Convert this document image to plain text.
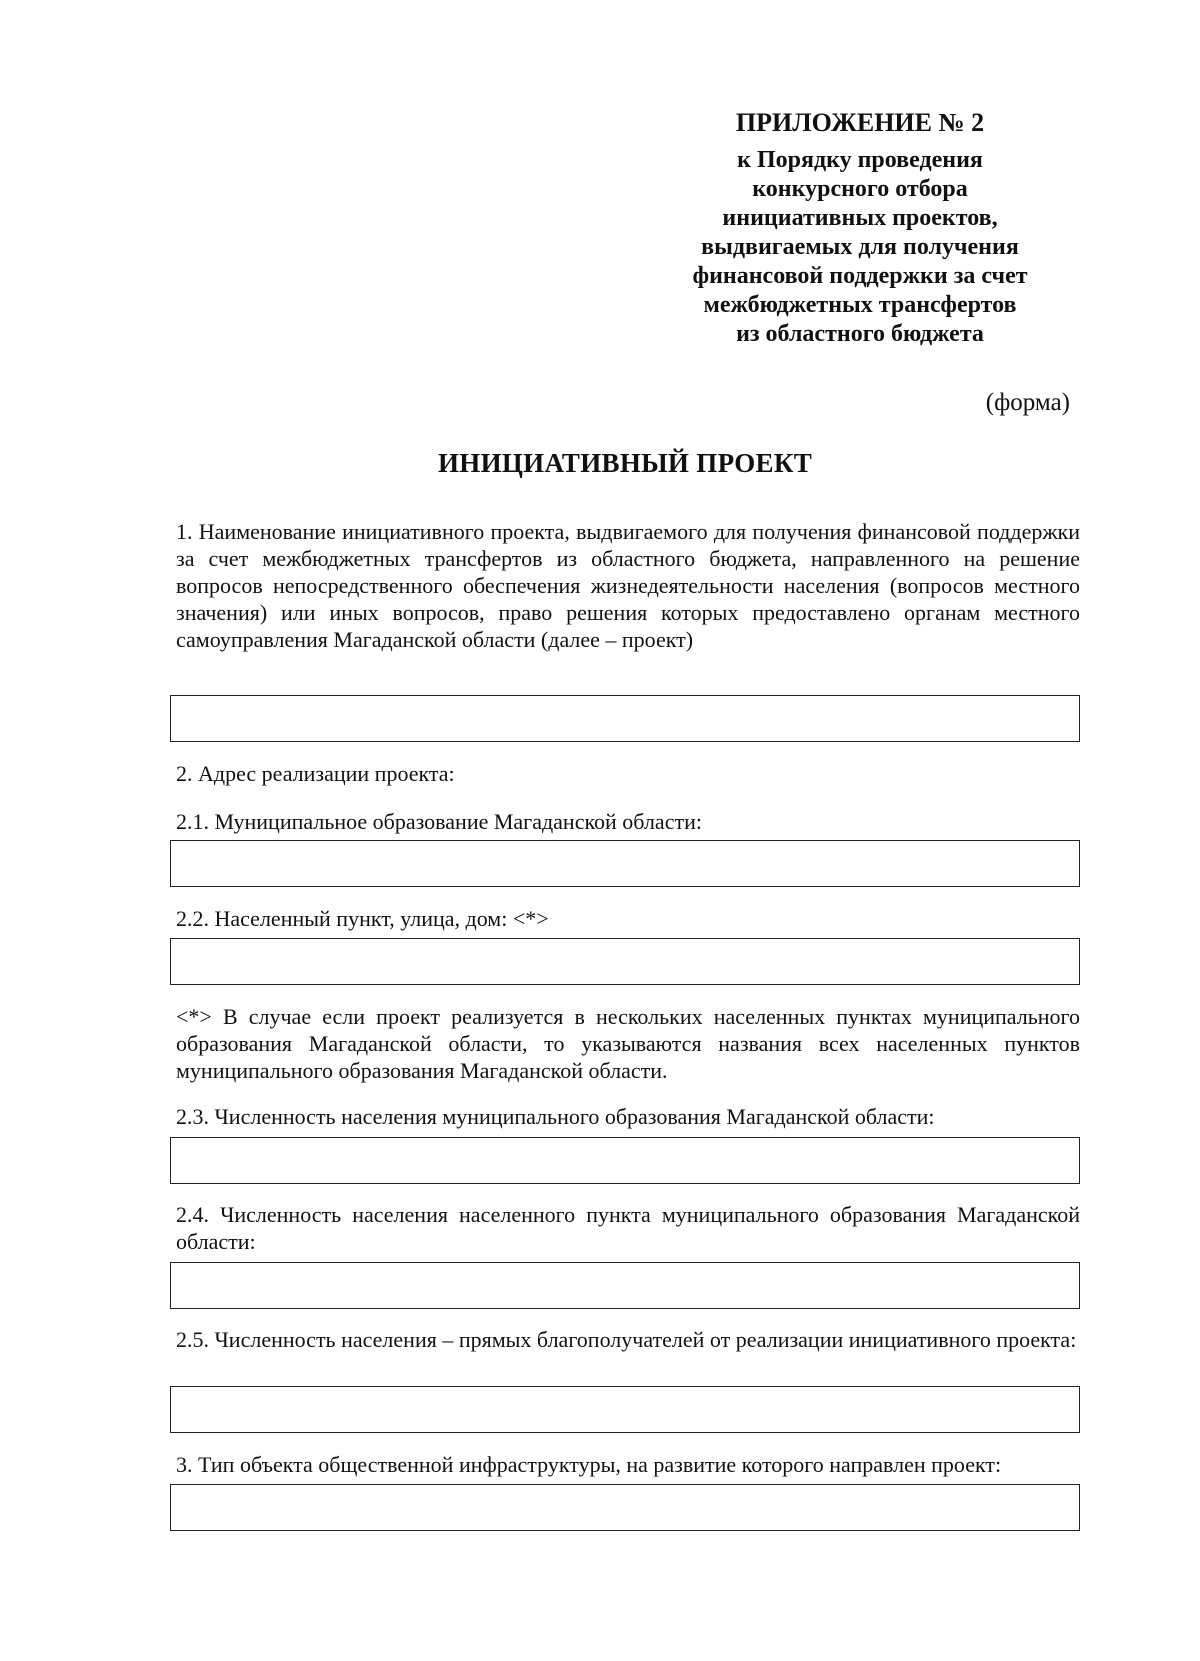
ПРИЛОЖЕНИЕ № 2
к Порядку проведения
конкурсного отбора
инициативных проектов,
выдвигаемых для получения
финансовой поддержки за счет
межбюджетных трансфертов
из областного бюджета
(форма)
ИНИЦИАТИВНЫЙ ПРОЕКТ
1. Наименование инициативного проекта, выдвигаемого для получения финансовой поддержки за счет межбюджетных трансфертов из областного бюджета, направленного на решение вопросов непосредственного обеспечения жизнедеятельности населения (вопросов местного значения) или иных вопросов, право решения которых предоставлено органам местного самоуправления Магаданской области (далее – проект)
2. Адрес реализации проекта:
2.1. Муниципальное образование Магаданской области:
2.2. Населенный пункт, улица, дом: <*>
<*> В случае если проект реализуется в нескольких населенных пунктах муниципального образования Магаданской области, то указываются названия всех населенных пунктов муниципального образования Магаданской области.
2.3. Численность населения муниципального образования Магаданской области:
2.4. Численность населения населенного пункта муниципального образования Магаданской области:
2.5. Численность населения – прямых благополучателей от реализации инициативного проекта:
3. Тип объекта общественной инфраструктуры, на развитие которого направлен проект:
